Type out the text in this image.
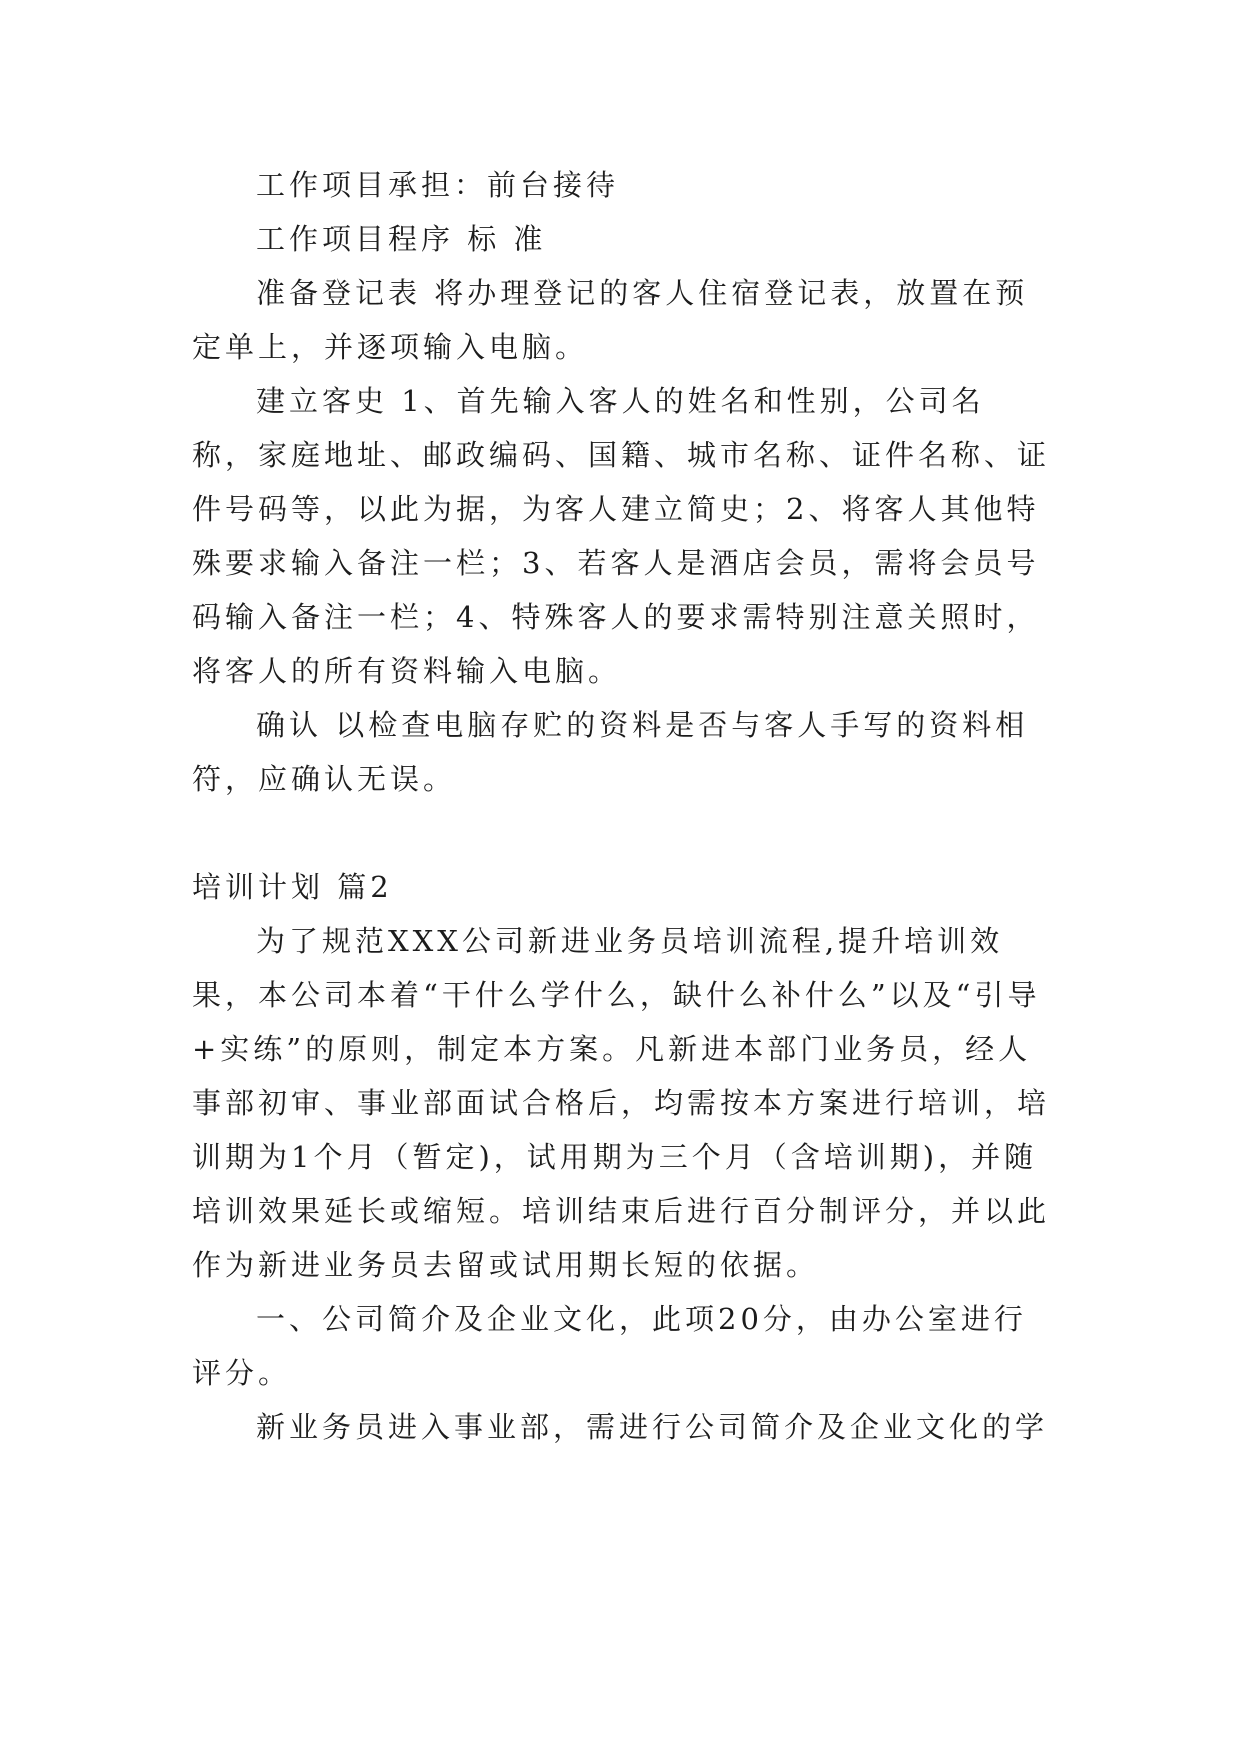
工作项目承担：前台接待

工作项目程序 标 准

准备登记表 将办理登记的客人住宿登记表，放置在预定单上，并逐项输入电脑。

建立客史 1、首先输入客人的姓名和性别，公司名称，家庭地址、邮政编码、国籍、城市名称、证件名称、证件号码等，以此为据，为客人建立简史；2、将客人其他特殊要求输入备注一栏；3、若客人是酒店会员，需将会员号码输入备注一栏；4、特殊客人的要求需特别注意关照时，将客人的所有资料输入电脑。

确认 以检查电脑存贮的资料是否与客人手写的资料相符，应确认无误。

培训计划 篇2

为了规范XXX公司新进业务员培训流程,提升培训效果，本公司本着“干什么学什么，缺什么补什么”以及“引导+实练”的原则，制定本方案。凡新进本部门业务员，经人事部初审、事业部面试合格后，均需按本方案进行培训，培训期为1个月（暂定)，试用期为三个月（含培训期)，并随培训效果延长或缩短。培训结束后进行百分制评分，并以此作为新进业务员去留或试用期长短的依据。

一、公司简介及企业文化，此项20分，由办公室进行评分。

新业务员进入事业部，需进行公司简介及企业文化的学
